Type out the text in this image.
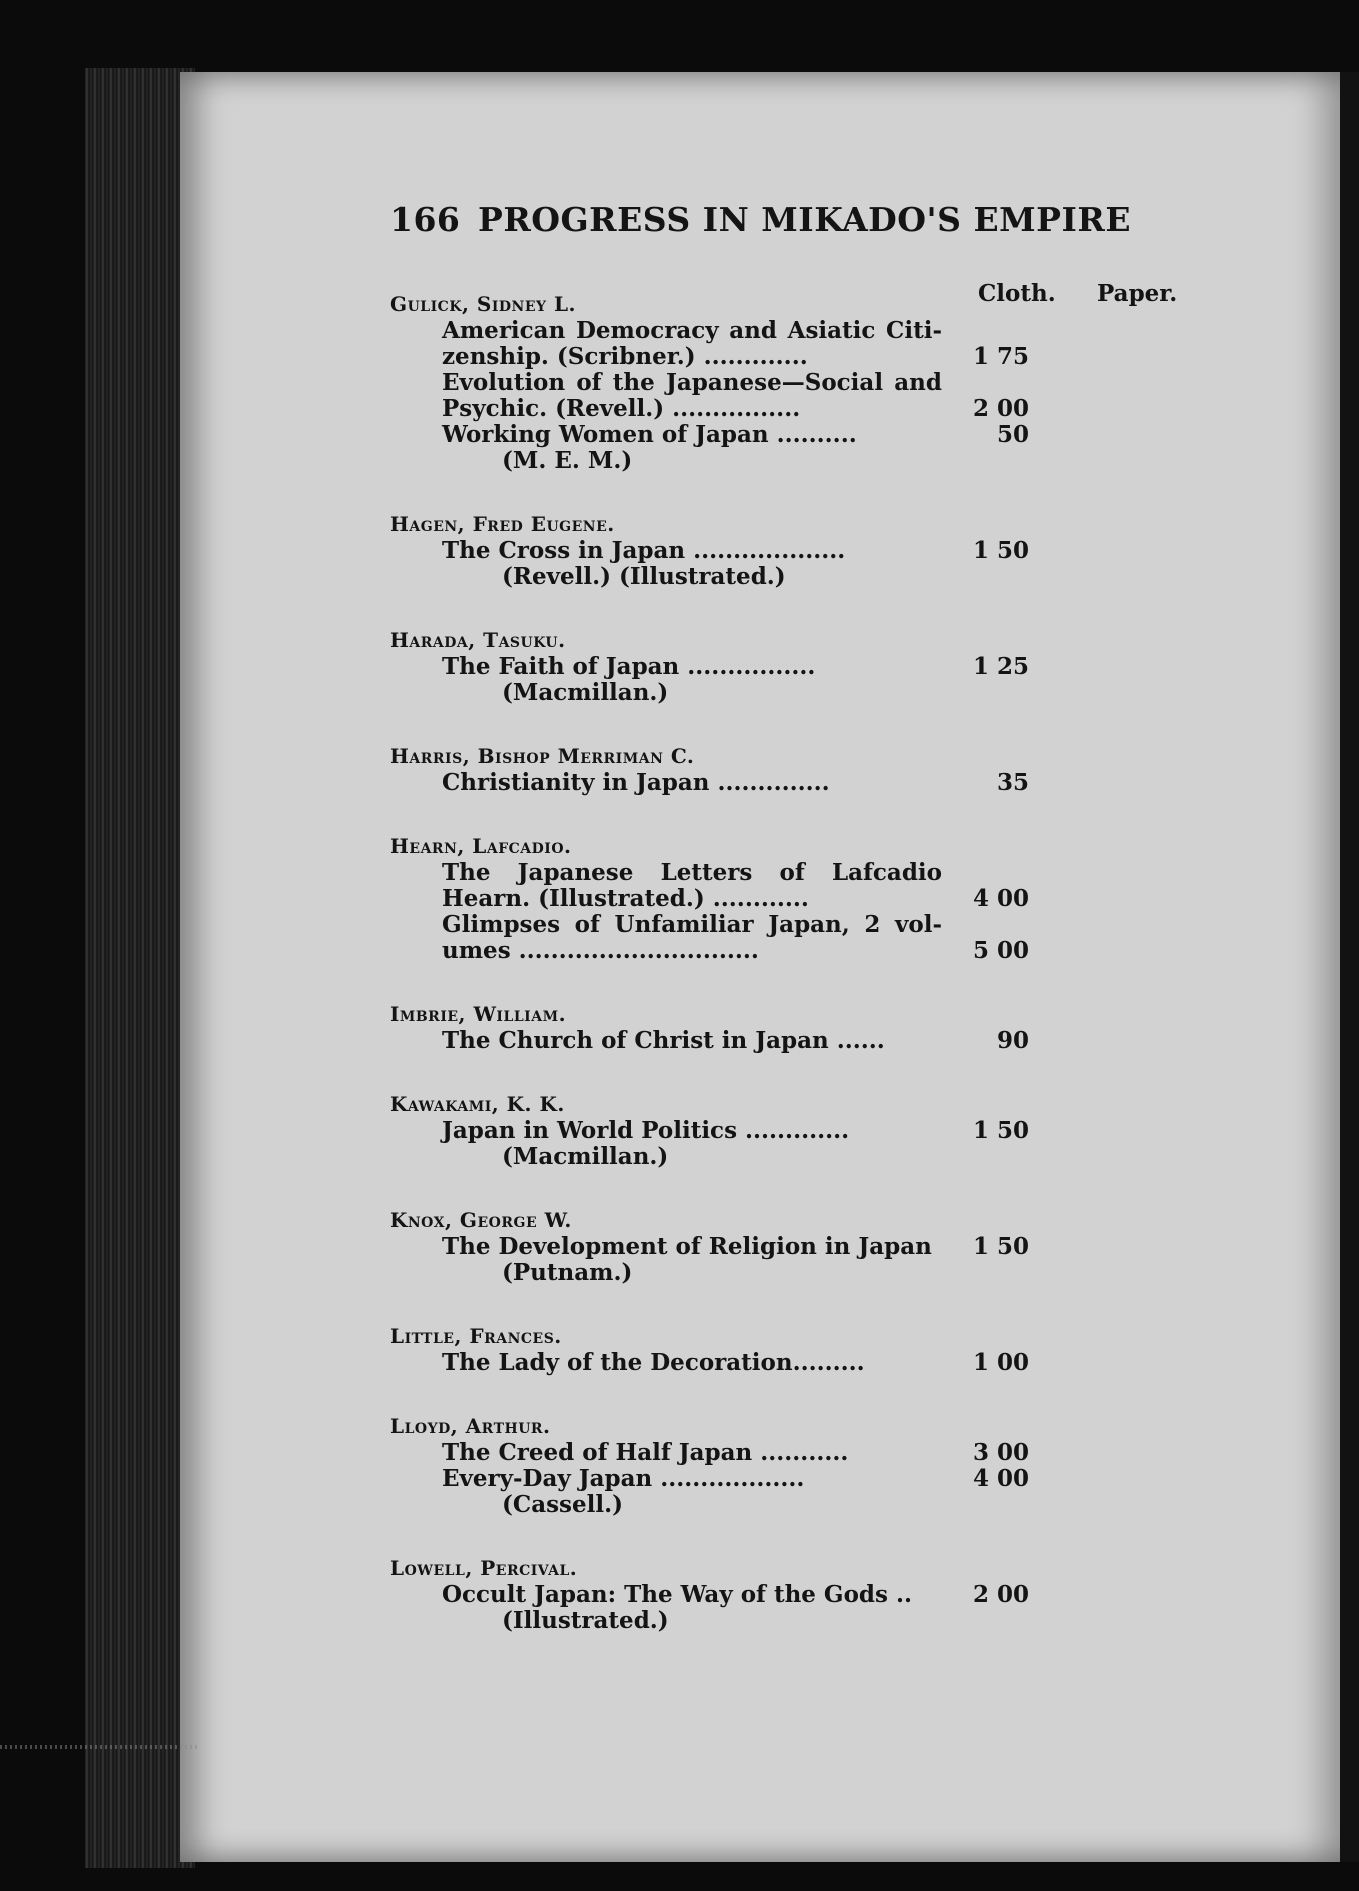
166 PROGRESS IN MIKADO'S EMPIRE
Cloth. Paper.
Gulick, Sidney L.
1 75
American Democracy and Asiatic Citi-zenship. (Scribner.) .............
2 00
Evolution of the Japanese—Social and Psychic. (Revell.) ................
50
Working Women of Japan ..........
(M. E. M.)
Hagen, Fred Eugene.
1 50
The Cross in Japan ...................
(Revell.) (Illustrated.)
Harada, Tasuku.
1 25
The Faith of Japan ................
(Macmillan.)
Harris, Bishop Merriman C.
35
Christianity in Japan ..............
Hearn, Lafcadio.
4 00
The Japanese Letters of Lafcadio Hearn. (Illustrated.) ............
5 00
Glimpses of Unfamiliar Japan, 2 vol-umes ..............................
Imbrie, William.
90
The Church of Christ in Japan ......
Kawakami, K. K.
1 50
Japan in World Politics .............
(Macmillan.)
Knox, George W.
1 50
The Development of Religion in Japan
(Putnam.)
Little, Frances.
1 00
The Lady of the Decoration.........
Lloyd, Arthur.
3 00
The Creed of Half Japan ...........
4 00
Every-Day Japan ..................
(Cassell.)
Lowell, Percival.
2 00
Occult Japan: The Way of the Gods ..
(Illustrated.)
